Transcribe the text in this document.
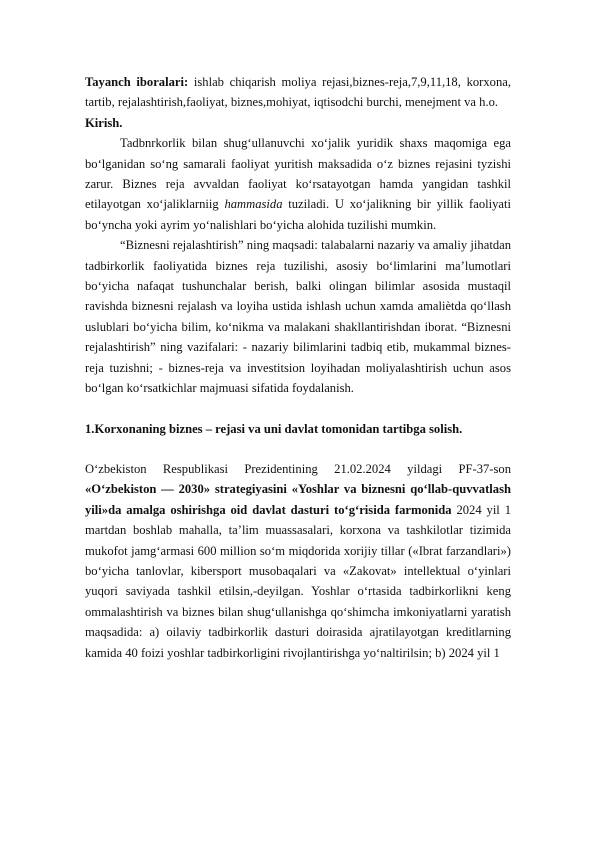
Tayanch iboralari: ishlab chiqarish moliya rejasi,biznes-reja,7,9,11,18, korxona, tartib, rejalashtirish,faoliyat, biznes,mohiyat, iqtisodchi burchi, menejment va h.o.

Kirish.

Tadbnrkorlik bilan shug‘ullanuvchi xo‘jalik yuridik shaxs maqomiga ega bo‘lganidan so‘ng samarali faoliyat yuritish maksadida o‘z biznes rejasini tyzishi zarur. Biznes reja avvaldan faoliyat ko‘rsatayotgan hamda yangidan tashkil etilayotgan xo‘jaliklarniig hammasida tuziladi. U xo‘jalikning bir yillik faoliyati bo‘yncha yoki ayrim yo‘nalishlari bo‘yicha alohida tuzilishi mumkin.

“Biznesni rejalashtirish” ning maqsadi: talabalarni nazariy va amaliy jihatdan tadbirkorlik faoliyatida biznes reja tuzilishi, asosiy bo‘limlarini ma’lumotlari bo‘yicha nafaqat tushunchalar berish, balki olingan bilimlar asosida mustaqil ravishda biznesni rejalash va loyiha ustida ishlash uchun xamda amaliètda qo‘llash uslublari bo‘yicha bilim, ko‘nikma va malakani shakllantirishdan iborat. “Biznesni rejalashtirish” ning vazifalari: - nazariy bilimlarini tadbiq etib, mukammal biznes-reja tuzishni; - biznes-reja va investitsion loyihadan moliyalashtirish uchun asos bo‘lgan ko‘rsatkichlar majmuasi sifatida foydalanish.

1.Korxonaning biznes – rejasi va uni davlat tomonidan tartibga solish.

O‘zbekiston Respublikasi Prezidentining 21.02.2024 yildagi PF-37-son

«O‘zbekiston — 2030» strategiyasini «Yoshlar va biznesni qo‘llab-quvvatlash yili»da amalga oshirishga oid davlat dasturi to‘g‘risida farmonida 2024 yil 1 martdan boshlab mahalla, ta’lim muassasalari, korxona va tashkilotlar tizimida mukofot jamg‘armasi 600 million so‘m miqdorida xorijiy tillar («Ibrat farzandlari») bo‘yicha tanlovlar, kibersport musobaqalari va «Zakovat» intellektual o‘yinlari yuqori saviyada tashkil etilsin,-deyilgan. Yoshlar o‘rtasida tadbirkorlikni keng ommalashtirish va biznes bilan shug‘ullanishga qo‘shimcha imkoniyatlarni yaratish maqsadida: a) oilaviy tadbirkorlik dasturi doirasida ajratilayotgan kreditlarning kamida 40 foizi yoshlar tadbirkorligini rivojlantirishga yo‘naltirilsin; b) 2024 yil 1
